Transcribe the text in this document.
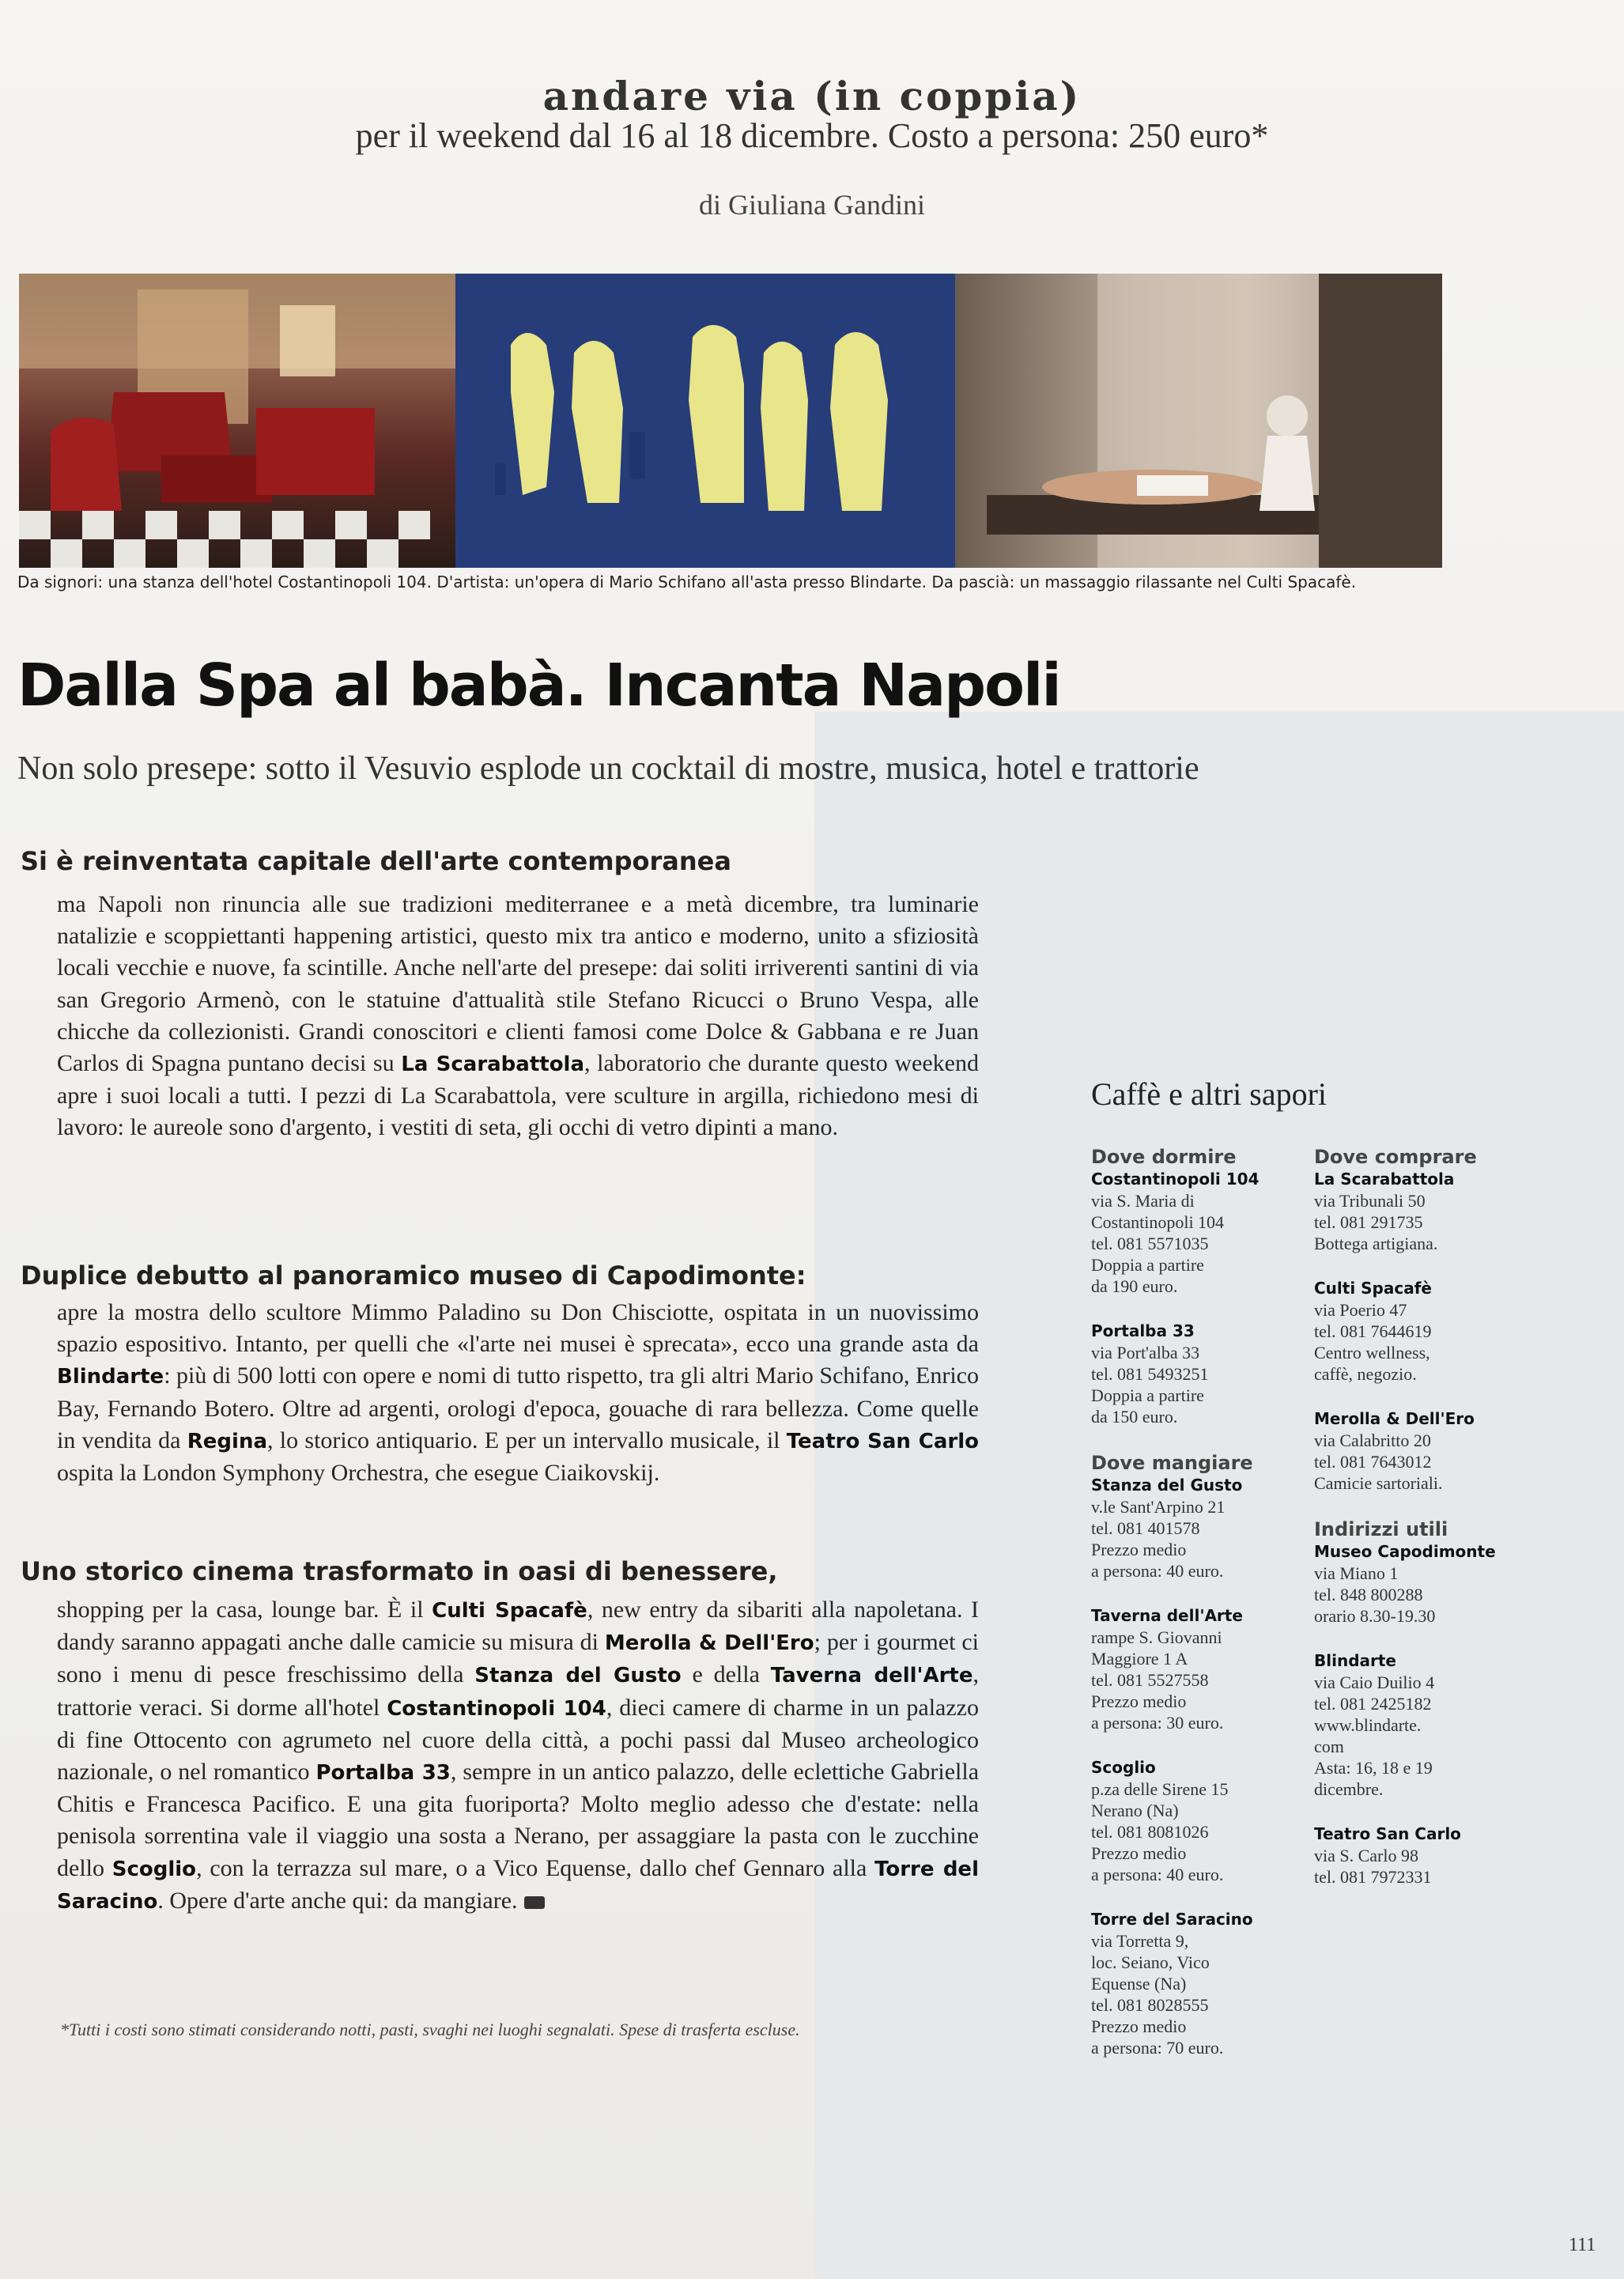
andare via (in coppia)
per il weekend dal 16 al 18 dicembre. Costo a persona: 250 euro*
di Giuliana Gandini
Da signori: una stanza dell'hotel Costantinopoli 104. D'artista: un'opera di Mario Schifano all'asta presso Blindarte. Da pascià: un massaggio rilassante nel Culti Spacafè.
Dalla Spa al babà. Incanta Napoli
Non solo presepe: sotto il Vesuvio esplode un cocktail di mostre, musica, hotel e trattorie
Si è reinventata capitale dell'arte contemporanea
ma Napoli non rinuncia alle sue tradizioni mediterranee e a metà dicembre, tra luminarie natalizie e scoppiettanti happening artistici, questo mix tra antico e moderno, unito a sfiziosità locali vecchie e nuove, fa scintille. Anche nell'arte del presepe: dai soliti irriverenti santini di via san Gregorio Armenò, con le statuine d'attualità stile Stefano Ricucci o Bruno Vespa, alle chicche da collezionisti. Grandi conoscitori e clienti famosi come Dolce & Gabbana e re Juan Carlos di Spagna puntano decisi su La Scarabattola, laboratorio che durante questo weekend apre i suoi locali a tutti. I pezzi di La Scarabattola, vere sculture in argilla, richiedono mesi di lavoro: le aureole sono d'argento, i vestiti di seta, gli occhi di vetro dipinti a mano.
Duplice debutto al panoramico museo di Capodimonte:
apre la mostra dello scultore Mimmo Paladino su Don Chisciotte, ospitata in un nuovissimo spazio espositivo. Intanto, per quelli che «l'arte nei musei è sprecata», ecco una grande asta da Blindarte: più di 500 lotti con opere e nomi di tutto rispetto, tra gli altri Mario Schifano, Enrico Bay, Fernando Botero. Oltre ad argenti, orologi d'epoca, gouache di rara bellezza. Come quelle in vendita da Regina, lo storico antiquario. E per un intervallo musicale, il Teatro San Carlo ospita la London Symphony Orchestra, che esegue Ciaikovskij.
Uno storico cinema trasformato in oasi di benessere,
shopping per la casa, lounge bar. È il Culti Spacafè, new entry da sibariti alla napoletana. I dandy saranno appagati anche dalle camicie su misura di Merolla & Dell'Ero; per i gourmet ci sono i menu di pesce freschissimo della Stanza del Gusto e della Taverna dell'Arte, trattorie veraci. Si dorme all'hotel Costantinopoli 104, dieci camere di charme in un palazzo di fine Ottocento con agrumeto nel cuore della città, a pochi passi dal Museo archeologico nazionale, o nel romantico Portalba 33, sempre in un antico palazzo, delle eclettiche Gabriella Chitis e Francesca Pacifico. E una gita fuoriporta? Molto meglio adesso che d'estate: nella penisola sorrentina vale il viaggio una sosta a Nerano, per assaggiare la pasta con le zucchine dello Scoglio, con la terrazza sul mare, o a Vico Equense, dallo chef Gennaro alla Torre del Saracino. Opere d'arte anche qui: da mangiare.
*Tutti i costi sono stimati considerando notti, pasti, svaghi nei luoghi segnalati. Spese di trasferta escluse.
Caffè e altri sapori
Dove dormire
Costantinopoli 104
via S. Maria di
Costantinopoli 104
tel. 081 5571035
Doppia a partire
da 190 euro.
Portalba 33
via Port'alba 33
tel. 081 5493251
Doppia a partire
da 150 euro.
Dove mangiare
Stanza del Gusto
v.le Sant'Arpino 21
tel. 081 401578
Prezzo medio
a persona: 40 euro.
Taverna dell'Arte
rampe S. Giovanni
Maggiore 1 A
tel. 081 5527558
Prezzo medio
a persona: 30 euro.
Scoglio
p.za delle Sirene 15
Nerano (Na)
tel. 081 8081026
Prezzo medio
a persona: 40 euro.
Torre del Saracino
via Torretta 9,
loc. Seiano, Vico
Equense (Na)
tel. 081 8028555
Prezzo medio
a persona: 70 euro.
Dove comprare
La Scarabattola
via Tribunali 50
tel. 081 291735
Bottega artigiana.
Culti Spacafè
via Poerio 47
tel. 081 7644619
Centro wellness,
caffè, negozio.
Merolla & Dell'Ero
via Calabritto 20
tel. 081 7643012
Camicie sartoriali.
Indirizzi utili
Museo Capodimonte
via Miano 1
tel. 848 800288
orario 8.30-19.30
Blindarte
via Caio Duilio 4
tel. 081 2425182
www.blindarte.
com
Asta: 16, 18 e 19
dicembre.
Teatro San Carlo
via S. Carlo 98
tel. 081 7972331
111
